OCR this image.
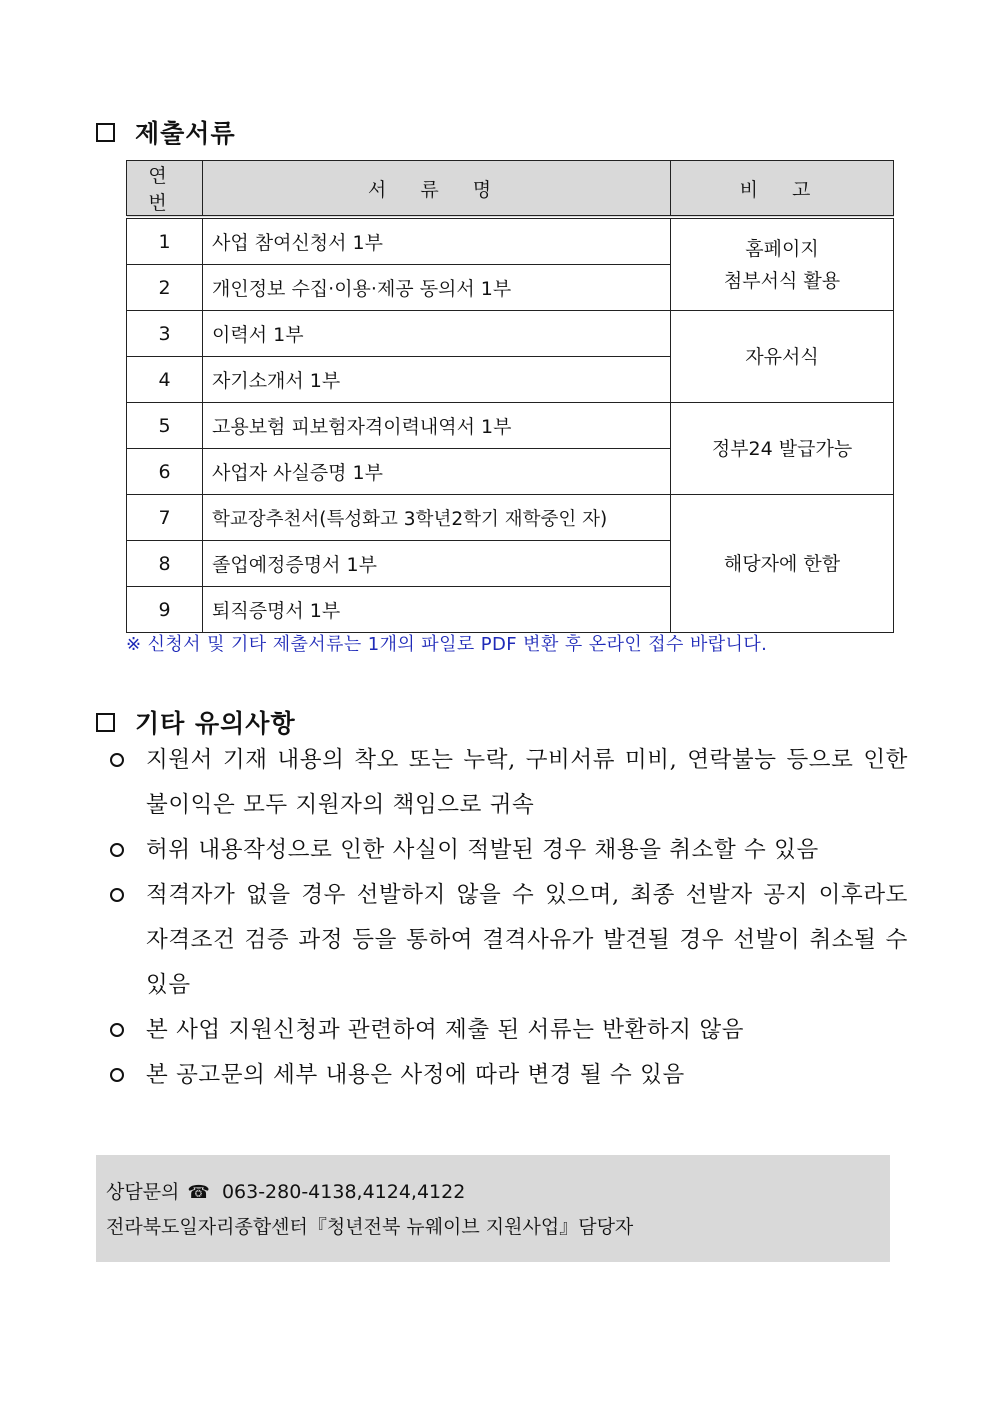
제출서류
연 번	서 류 명	비 고
1	사업 참여신청서 1부	홈페이지
첨부서식 활용

2	개인정보 수집·이용·제공 동의서 1부	
3	이력서 1부	자유서식
4	자기소개서 1부	
5	고용보험 피보험자격이력내역서 1부	정부24 발급가능
6	사업자 사실증명 1부	
7	학교장추천서(특성화고 3학년2학기 재학중인 자)	해당자에 한함
8	졸업예정증명서 1부	
9	퇴직증명서 1부	
※ 신청서 및 기타 제출서류는 1개의 파일로 PDF 변환 후 온라인 접수 바랍니다.
기타 유의사항
지원서 기재 내용의 착오 또는 누락, 구비서류 미비, 연락불능 등으로 인한 불이익은 모두 지원자의 책임으로 귀속
허위 내용작성으로 인한 사실이 적발된 경우 채용을 취소할 수 있음
적격자가 없을 경우 선발하지 않을 수 있으며, 최종 선발자 공지 이후라도 자격조건 검증 과정 등을 통하여 결격사유가 발견될 경우 선발이 취소될 수 있음
본 사업 지원신청과 관련하여 제출 된 서류는 반환하지 않음
본 공고문의 세부 내용은 사정에 따라 변경 될 수 있음
상담문의 ☎ 063-280-4138,4124,4122
전라북도일자리종합센터『청년전북 뉴웨이브 지원사업』담당자
